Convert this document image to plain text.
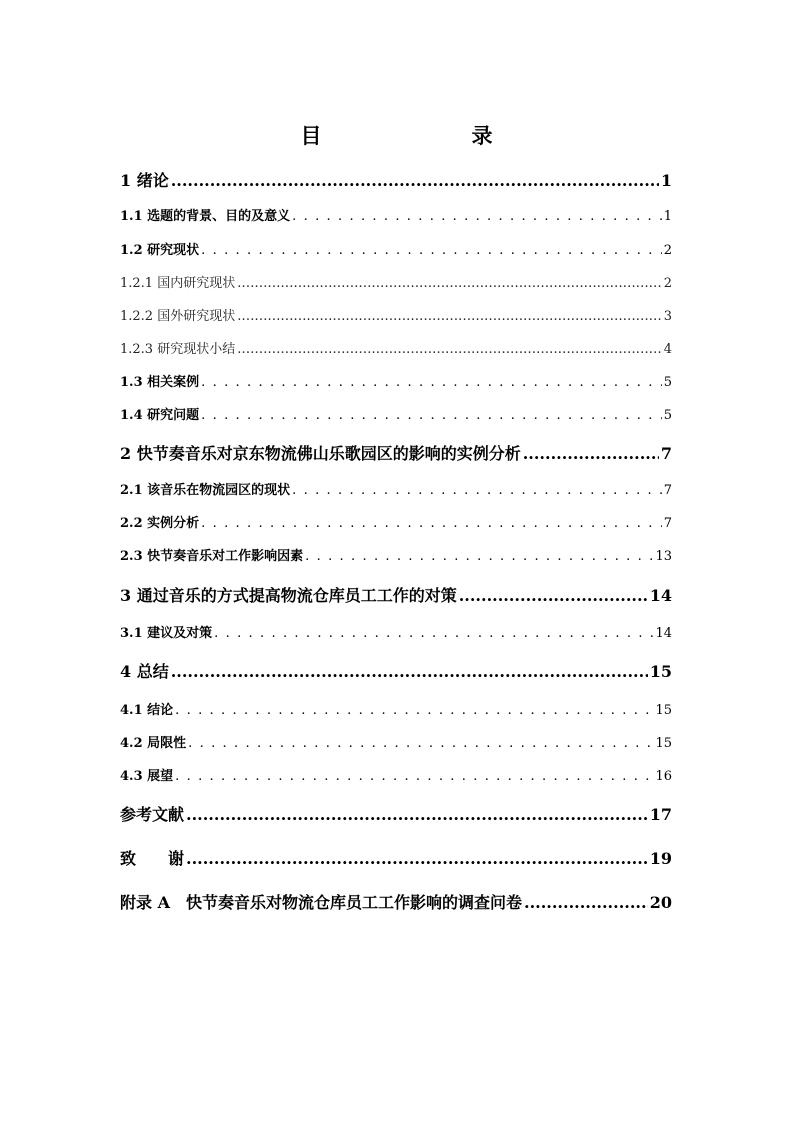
目　　录
1 绪论 .....	1
1.1 选题的背景、目的及意义 . . .	1
1.2 研究现状 . . .	2
1.2.1 国内研究现状 .....	2
1.2.2 国外研究现状 .....	3
1.2.3 研究现状小结 .....	4
1.3 相关案例 . . .	5
1.4 研究问题 . . .	5
2 快节奏音乐对京东物流佛山乐歌园区的影响的实例分析 .....	7
2.1 该音乐在物流园区的现状 . . .	7
2.2 实例分析 . . .	7
2.3 快节奏音乐对工作影响因素 . . .	13
3 通过音乐的方式提高物流仓库员工工作的对策 .....	14
3.1 建议及对策 . . .	14
4 总结 .....	15
4.1 结论 . . .	15
4.2 局限性 . . .	15
4.3 展望 . . .	16
参考文献 .....	17
致　　谢 .....	19
附录 A　快节奏音乐对物流仓库员工工作影响的调查问卷 .....	20
